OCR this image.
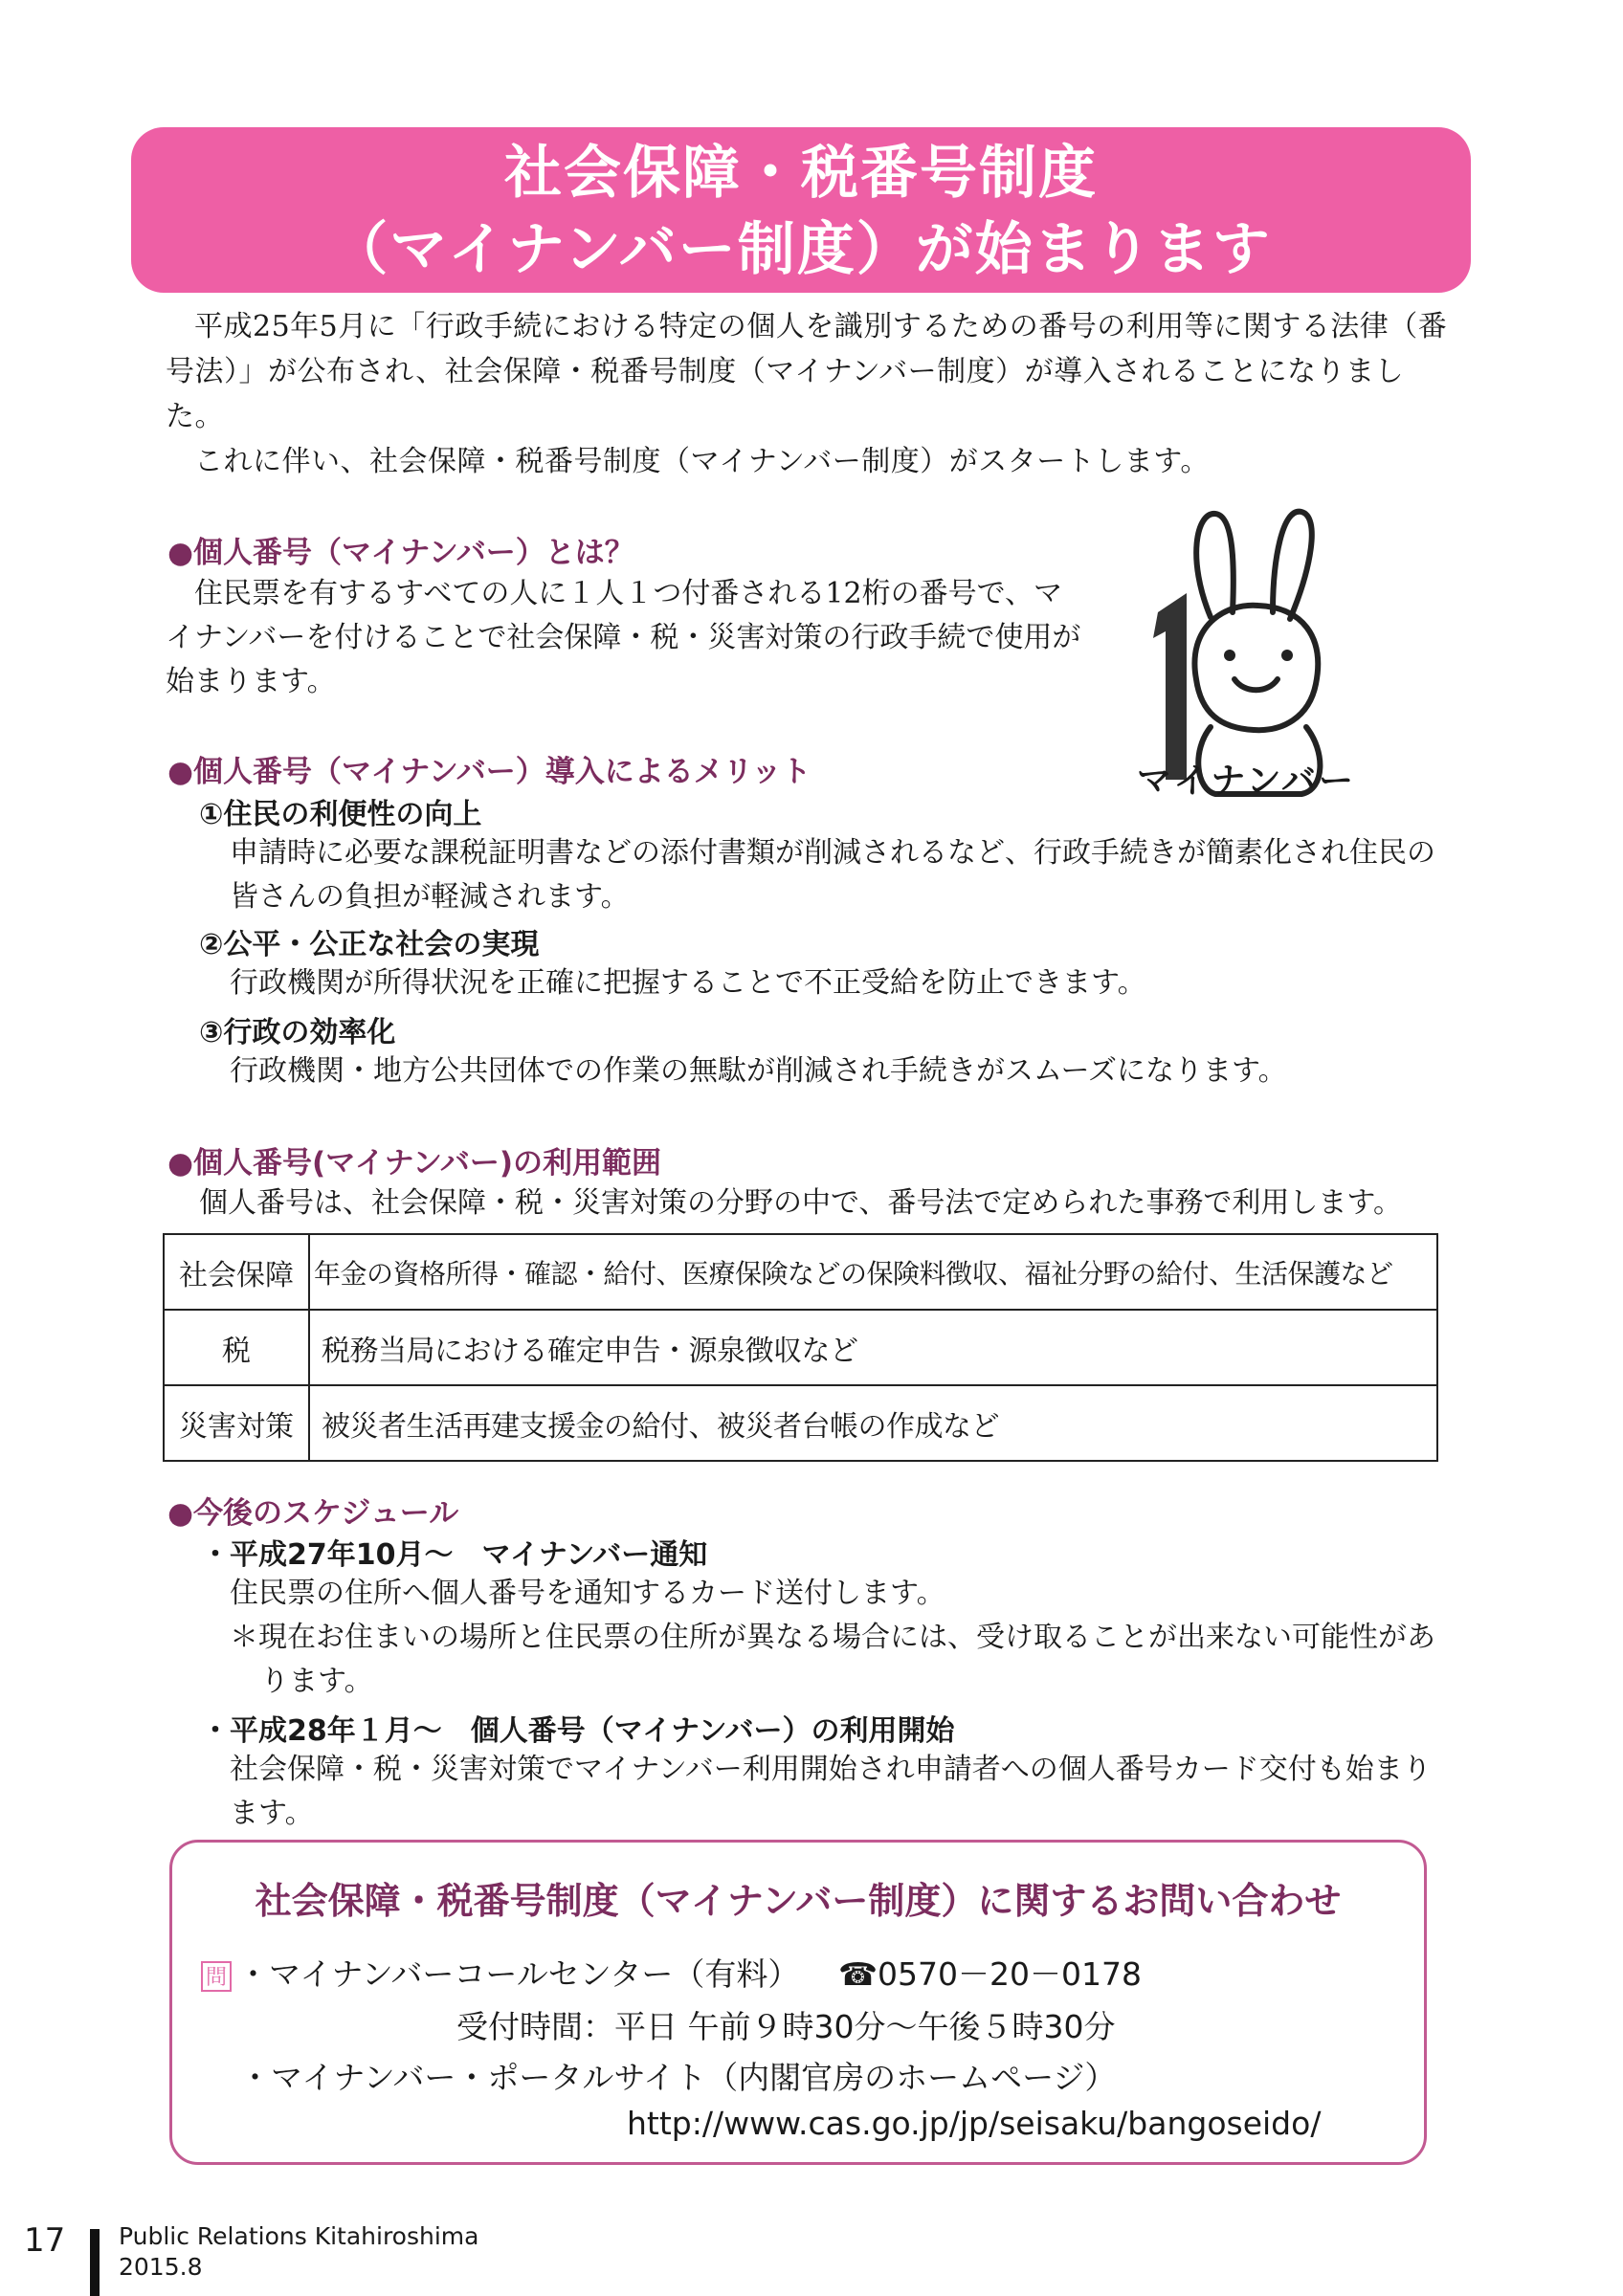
社会保障・税番号制度
（マイナンバー制度）が始まります

平成25年5月に「行政手続における特定の個人を識別するための番号の利用等に関する法律（番号法）」が公布され、社会保障・税番号制度（マイナンバー制度）が導入されることになりました。

これに伴い、社会保障・税番号制度（マイナンバー制度）がスタートします。

●個人番号（マイナンバー）とは？
住民票を有するすべての人に１人１つ付番される12桁の番号で、マイナンバーを付けることで社会保障・税・災害対策の行政手続で使用が始まります。
マイナンバー
●個人番号（マイナンバー）導入によるメリット
①住民の利便性の向上
申請時に必要な課税証明書などの添付書類が削減されるなど、行政手続きが簡素化され住民の皆さんの負担が軽減されます。
②公平・公正な社会の実現
行政機関が所得状況を正確に把握することで不正受給を防止できます。
③行政の効率化
行政機関・地方公共団体での作業の無駄が削減され手続きがスムーズになります。
●個人番号(マイナンバー)の利用範囲
個人番号は、社会保障・税・災害対策の分野の中で、番号法で定められた事務で利用します。
社会保障	年金の資格所得・確認・給付、医療保険などの保険料徴収、福祉分野の給付、生活保護など
税	税務当局における確定申告・源泉徴収など
災害対策	被災者生活再建支援金の給付、被災者台帳の作成など
●今後のスケジュール
・平成27年10月～　マイナンバー通知
住民票の住所へ個人番号を通知するカード送付します。
＊現在お住まいの場所と住民票の住所が異なる場合には、受け取ることが出来ない可能性があります。
・平成28年１月～　個人番号（マイナンバー）の利用開始
社会保障・税・災害対策でマイナンバー利用開始され申請者への個人番号カード交付も始まります。
社会保障・税番号制度（マイナンバー制度）に関するお問い合わせ
問 ・マイナンバーコールセンター（有料） ☎0570－20－0178
受付時間：平日 午前９時30分～午後５時30分
・マイナンバー・ポータルサイト（内閣官房のホームページ）
http://www.cas.go.jp/jp/seisaku/bangoseido/
17 Public Relations Kitahiroshima
2015.8
